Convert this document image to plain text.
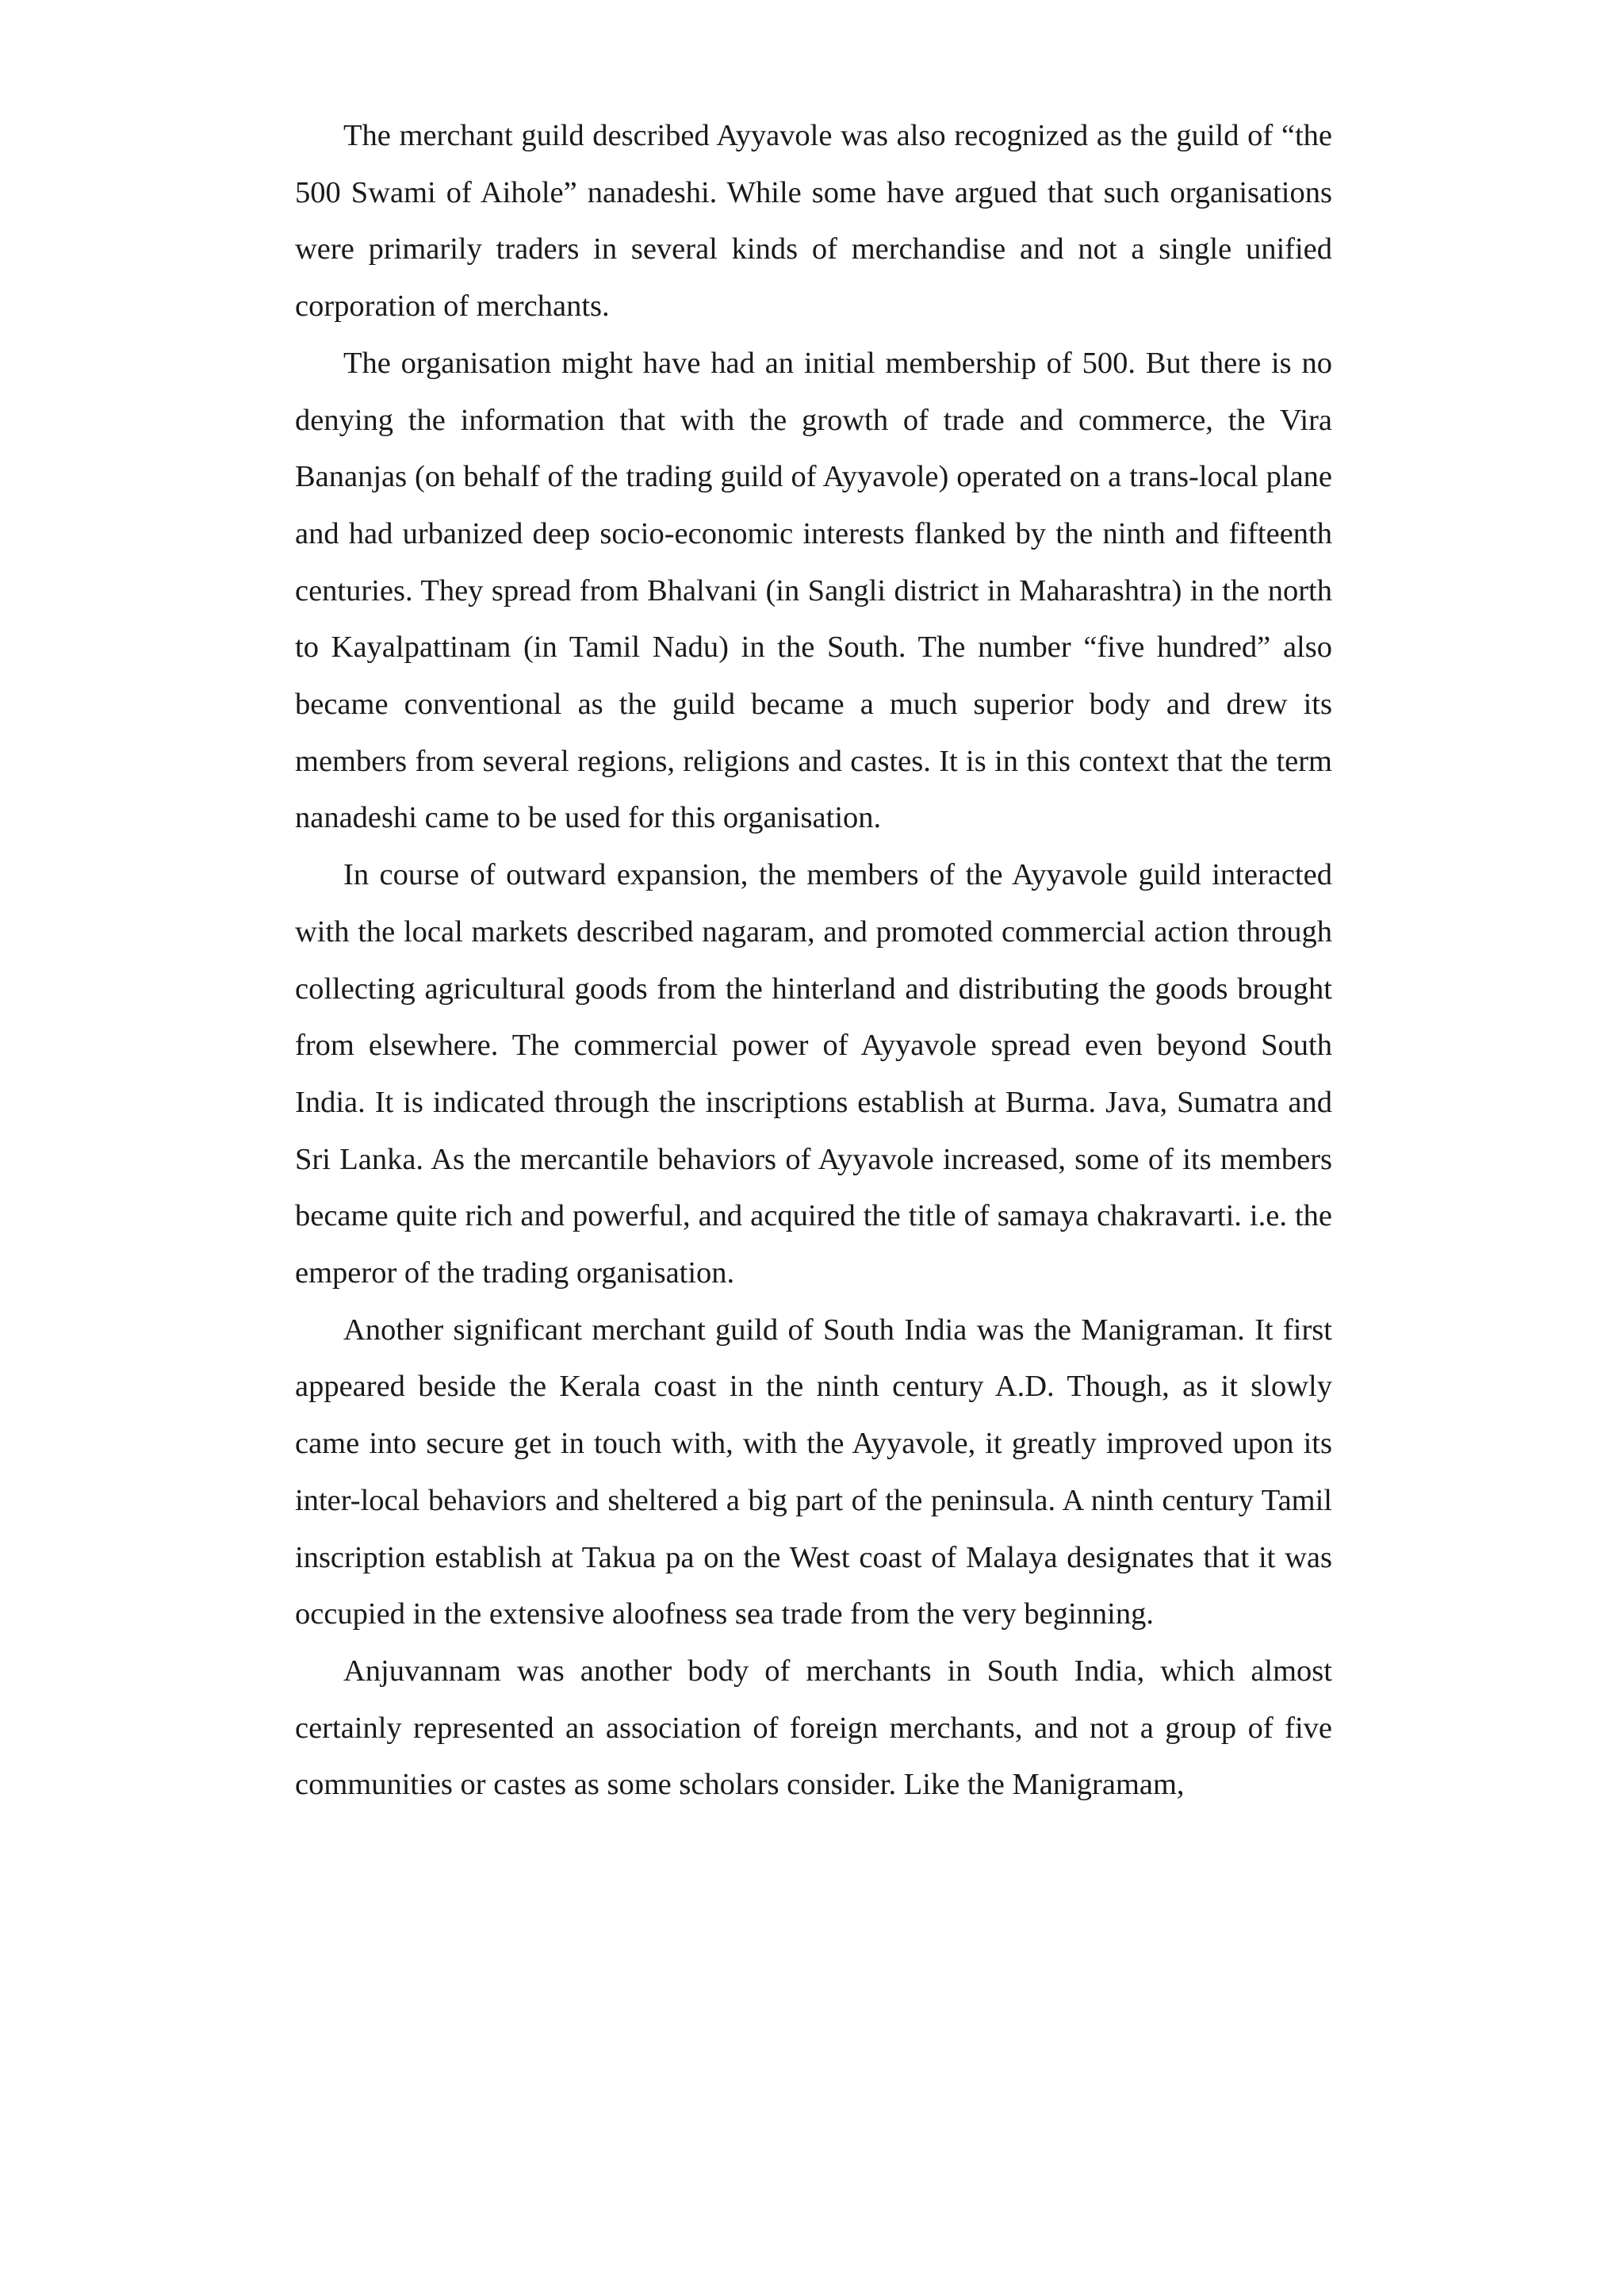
The merchant guild described Ayyavole was also recognized as the guild of “the 500 Swami of Aihole” nanadeshi. While some have argued that such organisations were primarily traders in several kinds of merchandise and not a single unified corporation of merchants.

The organisation might have had an initial membership of 500. But there is no denying the information that with the growth of trade and commerce, the Vira Bananjas (on behalf of the trading guild of Ayyavole) operated on a trans-local plane and had urbanized deep socio-economic interests flanked by the ninth and fifteenth centuries. They spread from Bhalvani (in Sangli district in Maharashtra) in the north to Kayalpattinam (in Tamil Nadu) in the South. The number “five hundred” also became conventional as the guild became a much superior body and drew its members from several regions, religions and castes. It is in this context that the term nanadeshi came to be used for this organisation.

In course of outward expansion, the members of the Ayyavole guild interacted with the local markets described nagaram, and promoted commercial action through collecting agricultural goods from the hinterland and distributing the goods brought from elsewhere. The commercial power of Ayyavole spread even beyond South India. It is indicated through the inscriptions establish at Burma. Java, Sumatra and Sri Lanka. As the mercantile behaviors of Ayyavole increased, some of its members became quite rich and powerful, and acquired the title of samaya chakravarti. i.e. the emperor of the trading organisation.

Another significant merchant guild of South India was the Manigraman. It first appeared beside the Kerala coast in the ninth century A.D. Though, as it slowly came into secure get in touch with, with the Ayyavole, it greatly improved upon its inter-local behaviors and sheltered a big part of the peninsula. A ninth century Tamil inscription establish at Takua pa on the West coast of Malaya designates that it was occupied in the extensive aloofness sea trade from the very beginning.

Anjuvannam was another body of merchants in South India, which almost certainly represented an association of foreign merchants, and not a group of five communities or castes as some scholars consider. Like the Manigramam,
